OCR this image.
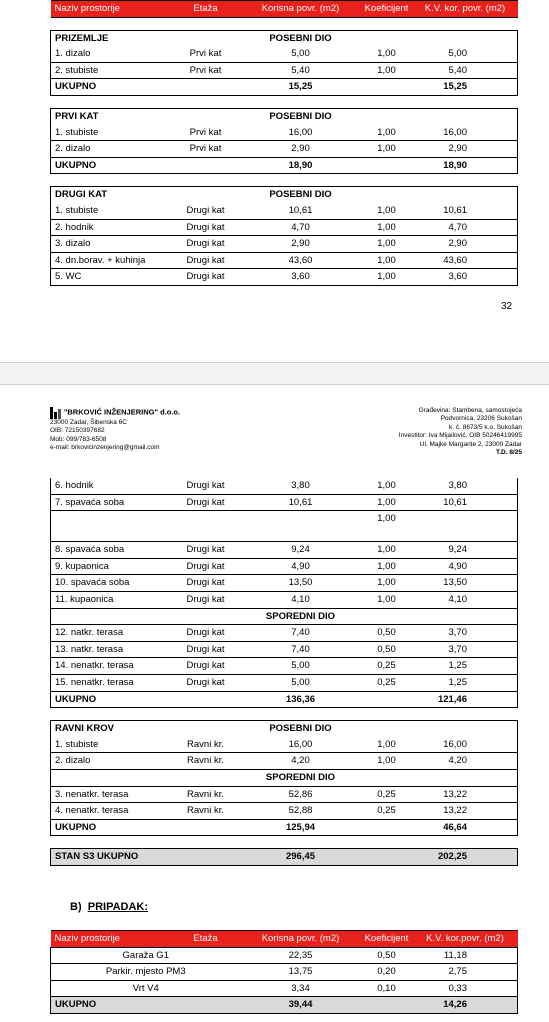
Naziv prostorije	Etaža	Korisna povr. (m2)	Koeficijent	K.V. kor. povr. (m2)

PRIZEMLJE		POSEBNI DIO		
1. dizalo	Prvi kat	5,00	1,00	5,00
2. stubiste	Prvi kat	5,40	1,00	5,40
UKUPNO		15,25		15,25

PRVI KAT		POSEBNI DIO		
1. stubiste	Prvi kat	16,00	1,00	16,00
2. dizalo	Prvi kat	2,90	1,00	2,90
UKUPNO		18,90		18,90

DRUGI KAT		POSEBNI DIO		
1. stubiste	Drugi kat	10,61	1,00	10,61
2. hodnik	Drugi kat	4,70	1,00	4,70
3. dizalo	Drugi kat	2,90	1,00	2,90
4. dn.borav. + kuhinja	Drugi kat	43,60	1,00	43,60
5. WC	Drugi kat	3,60	1,00	3,60
32
"BRKOVIĆ INŽENJERING" d.o.o.
23000 Zadar, Šibenska 6C
OIB: 72150397682
Mob: 099/783-6508
e-mail: brkovicinzenjering@gmail.com
Građevina: Stambena, samostojeća
Podvornica, 23206 Sukošan
k. č. 8673/5 k.o. Sukošan
Investitor: Iva Mijailović, OIB 50246419995
Ul. Majke Margarite 2, 23000 Zadar
T.D. 8/25
6. hodnik	Drugi kat	3,80	1,00	3,80
7. spavaća soba	Drugi kat	10,61	1,00	10,61
			1,00	
8. spavaća soba	Drugi kat	9,24	1,00	9,24
9. kupaonica	Drugi kat	4,90	1,00	4,90
10. spavaća soba	Drugi kat	13,50	1,00	13,50
11. kupaonica	Drugi kat	4,10	1,00	4,10
		SPOREDNI DIO		
12. natkr. terasa	Drugi kat	7,40	0,50	3,70
13. natkr. terasa	Drugi kat	7,40	0,50	3,70
14. nenatkr. terasa	Drugi kat	5,00	0,25	1,25
15. nenatkr. terasa	Drugi kat	5,00	0,25	1,25
UKUPNO		136,36		121,46

RAVNI KROV		POSEBNI DIO		
1. stubiste	Ravni kr.	16,00	1,00	16,00
2. dizalo	Ravni kr.	4,20	1,00	4,20
		SPOREDNI DIO		
3. nenatkr. terasa	Ravni kr.	52,86	0,25	13,22
4. nenatkr. terasa	Ravni kr.	52,88	0,25	13,22
UKUPNO		125,94		46,64

STAN S3 UKUPNO		296,45		202,25
B) PRIPADAK:
Naziv prostorije	Etaža	Korisna povr. (m2)	Koeficijent	K.V. kor.povr. (m2)
Garaža G1		22,35	0,50	11,18
Parkir. mjesto PM3		13,75	0,20	2,75
Vrt V4		3,34	0,10	0,33
UKUPNO		39,44		14,26
